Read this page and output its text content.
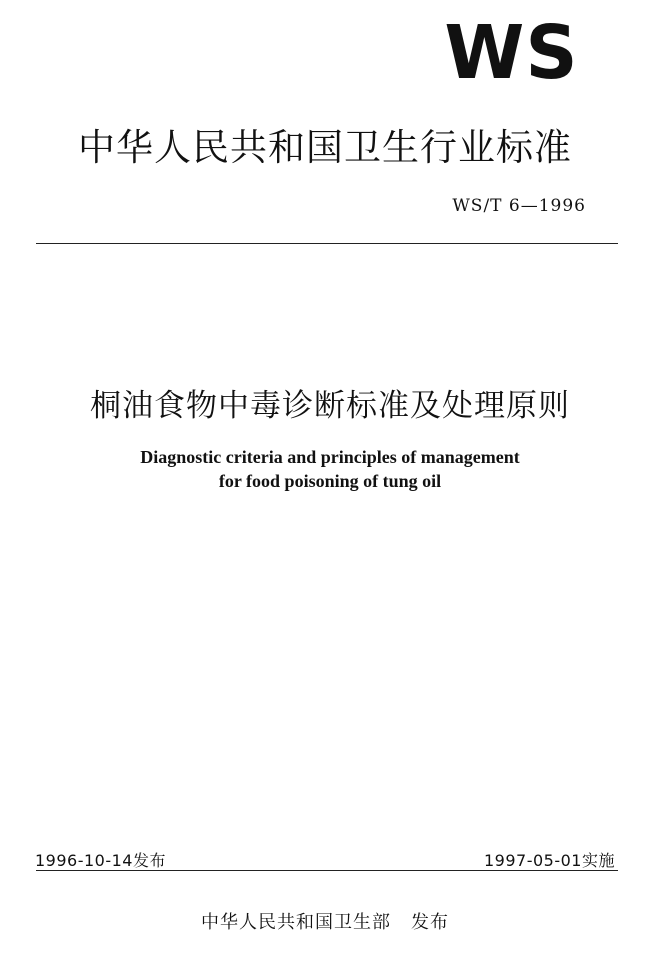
WS
中华人民共和国卫生行业标准
WS/T 6—1996
桐油食物中毒诊断标准及处理原则
Diagnostic criteria and principles of management
for food poisoning of tung oil
1996-10-14发布	1997-05-01实施
中华人民共和国卫生部 发布
